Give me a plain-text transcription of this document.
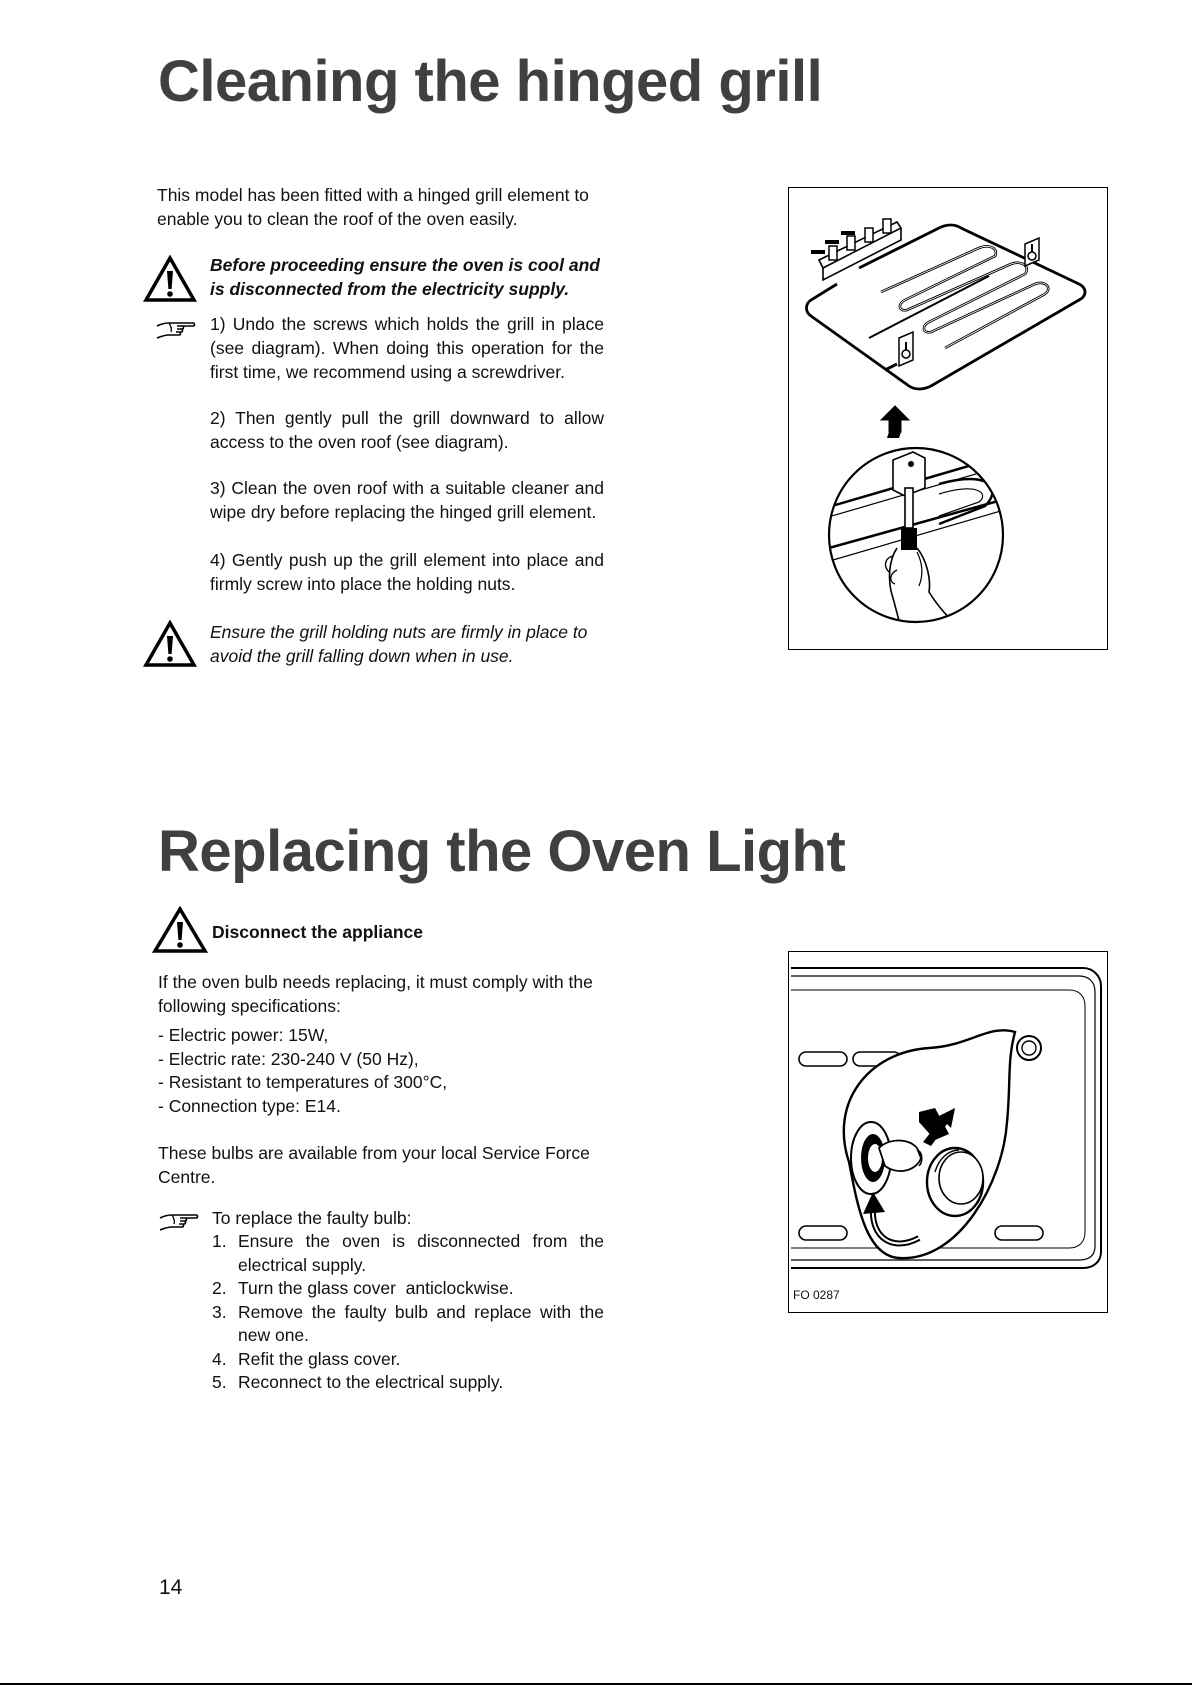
Cleaning the hinged grill

This model has been fitted with a hinged grill element to enable you to clean the roof of the oven easily.

Before proceeding ensure the oven is cool and is disconnected from the electricity supply.

1) Undo the screws which holds the grill in place (see diagram). When doing this operation for the first time, we recommend using a screwdriver.

2) Then gently pull the grill downward to allow access to the oven roof (see diagram).

3) Clean the oven roof with a suitable cleaner and wipe dry before replacing the hinged grill element.

4) Gently push up the grill element into place and firmly screw into place the holding nuts.

Ensure the grill holding nuts are firmly in place to avoid the grill falling down when in use.

Replacing the Oven Light

Disconnect the appliance

If the oven bulb needs replacing, it must comply with the following specifications:

- Electric power: 15W,
- Electric rate: 230-240 V (50 Hz),
- Resistant to temperatures of 300°C,
- Connection type: E14.

These bulbs are available from your local Service Force Centre.

To replace the faulty bulb:

1. Ensure the oven is disconnected from the electrical supply.
2. Turn the glass cover  anticlockwise.
3. Remove the faulty bulb and replace with the new one.
4. Refit the glass cover.
5. Reconnect to the electrical supply.
FO 0287
14
